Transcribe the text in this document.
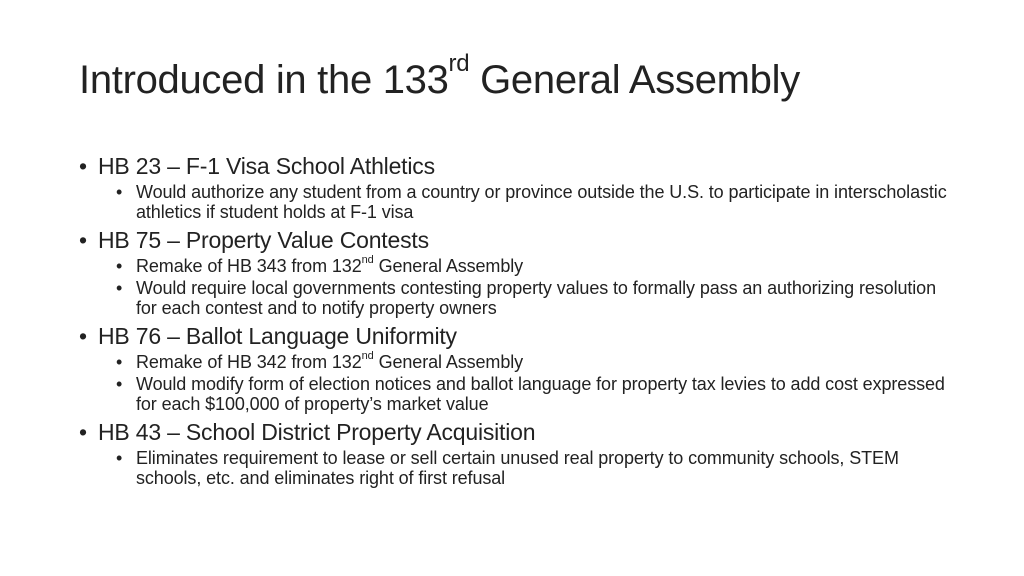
Introduced in the 133rd General Assembly
• HB 23 – F-1 Visa School Athletics
• Would authorize any student from a country or province outside the U.S. to participate in interscholastic athletics if student holds at F-1 visa
• HB 75 – Property Value Contests
• Remake of HB 343 from 132nd General Assembly
• Would require local governments contesting property values to formally pass an authorizing resolution for each contest and to notify property owners
• HB 76 – Ballot Language Uniformity
• Remake of HB 342 from 132nd General Assembly
• Would modify form of election notices and ballot language for property tax levies to add cost expressed for each $100,000 of property’s market value
• HB 43 – School District Property Acquisition
• Eliminates requirement to lease or sell certain unused real property to community schools, STEM schools, etc. and eliminates right of first refusal
